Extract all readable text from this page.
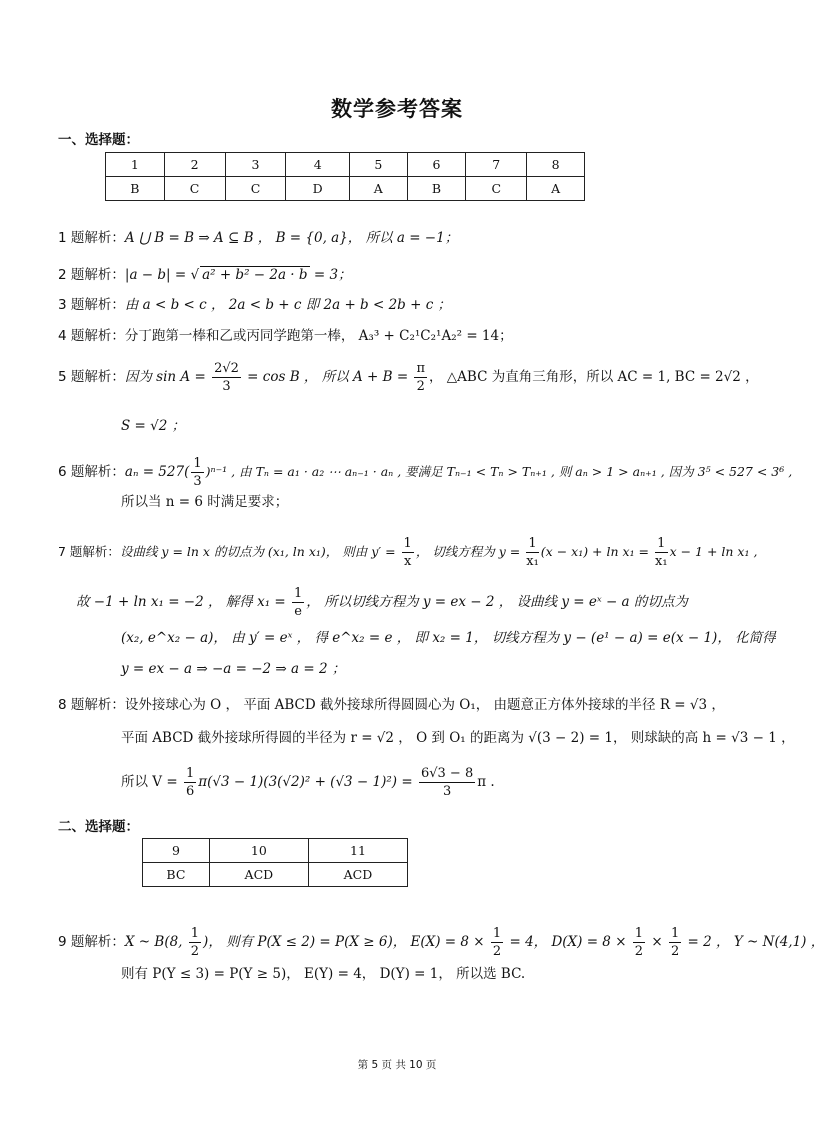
数学参考答案
一、选择题：
1	2	3	4	5	6	7	8
B	C	C	D	A	B	C	A
1 题解析：A ⋃ B = B ⇒ A ⊆ B ， B = {0, a}， 所以 a = −1；
2 题解析：|a − b| = √ a² + b² − 2a · b = 3；
3 题解析：由 a < b < c ， 2a < b + c 即 2a + b < 2b + c ；
4 题解析：分丁跑第一棒和乙或丙同学跑第一棒， A₃³ + C₂¹C₂¹A₂² = 14；
5 题解析：因为 $\sin A = \frac{2√2}{3} = \cos B$ ， 所以 $A + B = \frac{\pi}{2}$ ， △ABC 为直角三角形，所以 AC = 1, BC = 2√2 ，
S = √2 ；
6 题解析：$a_n = 527( \frac{1}{3} )^{n-1}$ , 由 Tₙ = a₁ · a₂ ⋯ aₙ₋₁ · aₙ , 要满足 Tₙ₋₁ < Tₙ > Tₙ₊₁ , 则 aₙ > 1 > aₙ₊₁ , 因为 3⁵ < 527 < 3⁶ ,
所以当 n = 6 时满足要求；
7 题解析：设曲线 y = ln x 的切点为 (x₁, ln x₁)， 则由 $y' = \frac{1}{x}$ ， 切线方程为 $y = \frac{1}{\text{x₁}} (x - x_1) + \ln x_1 = \frac{1}{\text{x₁}}$ x − 1 + ln x₁ ,
故 −1 + ln x₁ = −2 ， 解得 $x_1 = \frac{1}{e}$ ， 所以切线方程为 y = ex − 2 ， 设曲线 y = eˣ − a 的切点为
(x₂, e^x₂ − a)， 由 y′ = eˣ ， 得 e^x₂ = e ， 即 x₂ = 1， 切线方程为 y − (e¹ − a) = e(x − 1)， 化简得
y = ex − a ⇒ −a = −2 ⇒ a = 2 ；
8 题解析：设外接球心为 O ， 平面 ABCD 截外接球所得圆圆心为 O₁， 由题意正方体外接球的半径 R = √3 ，
平面 ABCD 截外接球所得圆的半径为 r = √2 ， O 到 O₁ 的距离为 √(3 − 2) = 1， 则球缺的高 h = √3 − 1 ，
所以 $V = \frac{1}{6} \pi(√3 - 1)(3(√2)^2 + (√3 - 1)^2) = \frac{6√3 - 8}{3}$ π .
二、选择题：
9	10	11
BC	ACD	ACD
9 题解析：X ~ B(8, $\frac{1}{2}$ )， 则有 P(X ≤ 2) = P(X ≥ 6)， $E(X) = 8 \times \frac{1}{2} = 4$， $D(X) = 8 \times \frac{1}{2} \times \frac{1}{2} = 2$ ， Y ~ N(4,1) ，
则有 P(Y ≤ 3) = P(Y ≥ 5)， E(Y) = 4， D(Y) = 1， 所以选 BC.
第 5 页 共 10 页
